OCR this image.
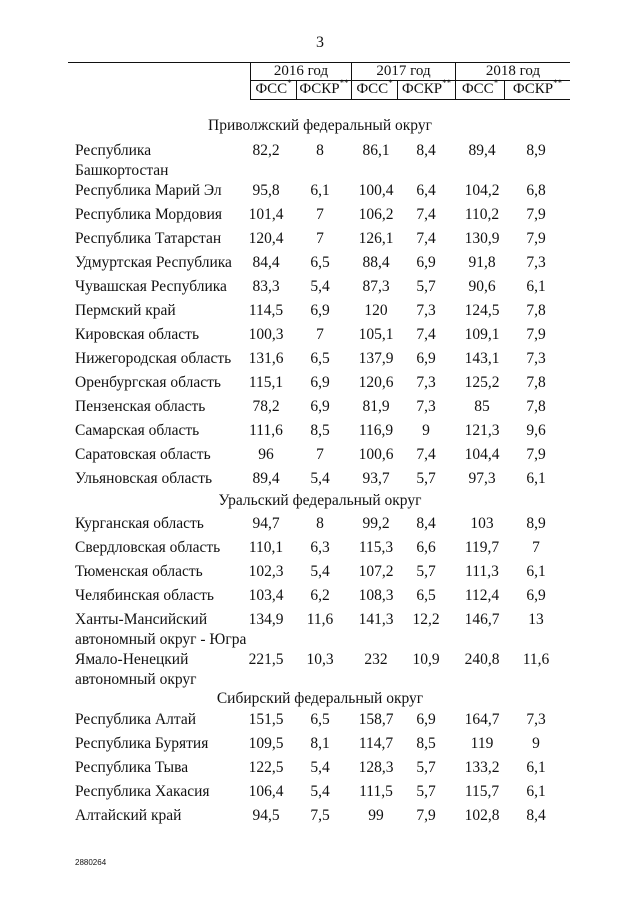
3
2016 год	2017 год	2018 год
ФСС* ФСКР** ФСС* ФСКР** ФСС* ФСКР**
Приволжский федеральный округ
Республика
Башкортостан
82,2	8	86,1	8,4	89,4	8,9
Республика Марий Эл	95,8	6,1	100,4	6,4	104,2	6,8
Республика Мордовия	101,4	7	106,2	7,4	110,2	7,9
Республика Татарстан	120,4	7	126,1	7,4	130,9	7,9
Удмуртская Республика	84,4	6,5	88,4	6,9	91,8	7,3
Чувашская Республика	83,3	5,4	87,3	5,7	90,6	6,1
Пермский край	114,5	6,9	120	7,3	124,5	7,8
Кировская область	100,3	7	105,1	7,4	109,1	7,9
Нижегородская область	131,6	6,5	137,9	6,9	143,1	7,3
Оренбургская область	115,1	6,9	120,6	7,3	125,2	7,8
Пензенская область	78,2	6,9	81,9	7,3	85	7,8
Самарская область	111,6	8,5	116,9	9	121,3	9,6
Саратовская область	96	7	100,6	7,4	104,4	7,9
Ульяновская область	89,4	5,4	93,7	5,7	97,3	6,1
Уральский федеральный округ
Курганская область	94,7	8	99,2	8,4	103	8,9
Свердловская область	110,1	6,3	115,3	6,6	119,7	7
Тюменская область	102,3	5,4	107,2	5,7	111,3	6,1
Челябинская область	103,4	6,2	108,3	6,5	112,4	6,9
Ханты-Мансийский
автономный округ - Югра
134,9	11,6	141,3	12,2	146,7	13
Ямало-Ненецкий
автономный округ
221,5	10,3	232	10,9	240,8	11,6
Сибирский федеральный округ
Республика Алтай	151,5	6,5	158,7	6,9	164,7	7,3
Республика Бурятия	109,5	8,1	114,7	8,5	119	9
Республика Тыва	122,5	5,4	128,3	5,7	133,2	6,1
Республика Хакасия	106,4	5,4	111,5	5,7	115,7	6,1
Алтайский край	94,5	7,5	99	7,9	102,8	8,4
2880264
